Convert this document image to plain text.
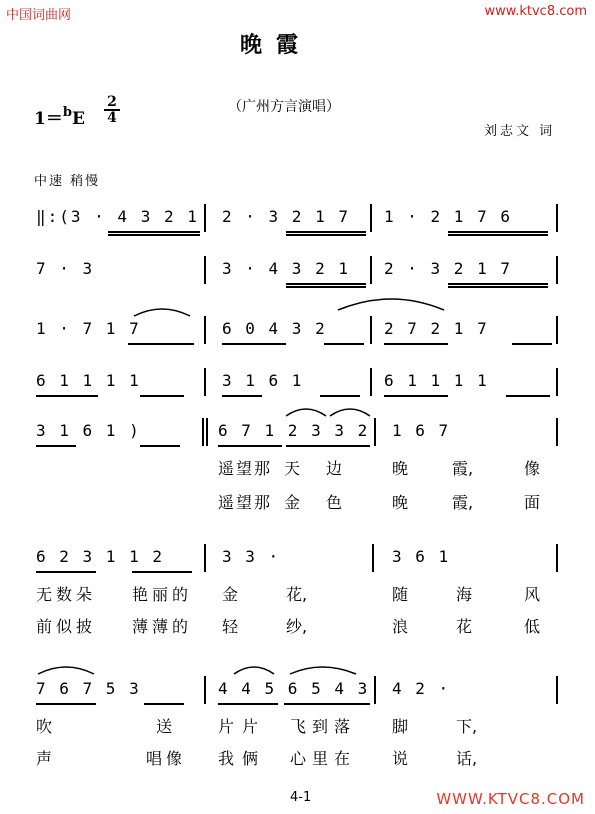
中国词曲网	www.ktvc8.com
晚霞
$1=^bE \frac{2}{4}$	（广州方言演唱）
刘志文 词
中速 稍慢
‖:(3 · 4 3 2 1 2 · 3 2 1 7 1 · 2 1 7 6
7 · 3	3 · 4 3 2 1 2 · 3 2 1 7
1 · 7 1 7	6 0 4 3 2	2 7 2 1 7
6 1 1 1 1	3 1 6 1	6 1 1 1 1
3 1 6 1 )	6 7 1 2 3 3 2 1 6 7
遥 望 那 天 边	晚	霞,	像
遥 望 那 金 色	晚	霞,	面
6 2 3 1 1 2	3 3 ·	3 6 1
无 数 朵 艳 丽 的 金	花,	随	海	风
前 似 披 薄 薄 的 轻	纱,	浪	花	低
7 6 7 5 3	4 4 5 6 5 4 3 4 2 ·
吹	送	片 片 飞 到 落	脚	下,
声	唱 像 我 俩 心 里 在	说	话,
4-1	WWW.KTVC8.COM
